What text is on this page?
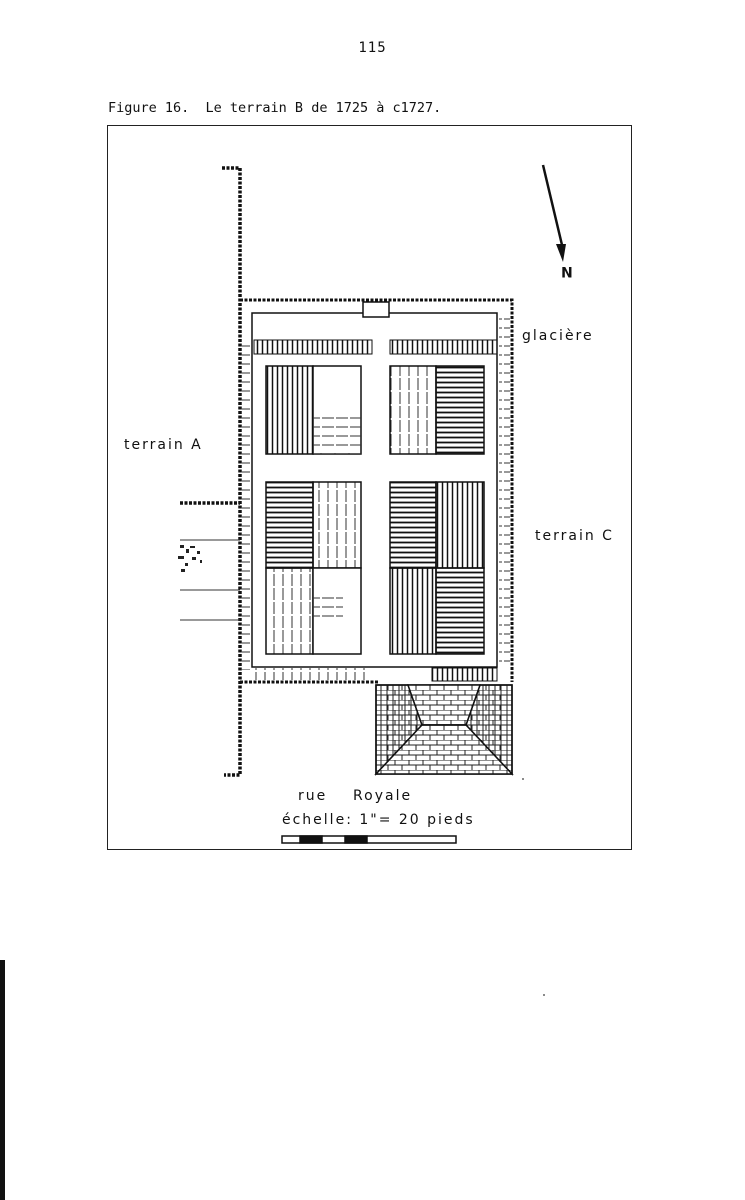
115
Figure 16.  Le terrain B de 1725 à c1727.
N
glacière
terrain A
terrain C
rue    Royale
échelle: 1"= 20 pieds
